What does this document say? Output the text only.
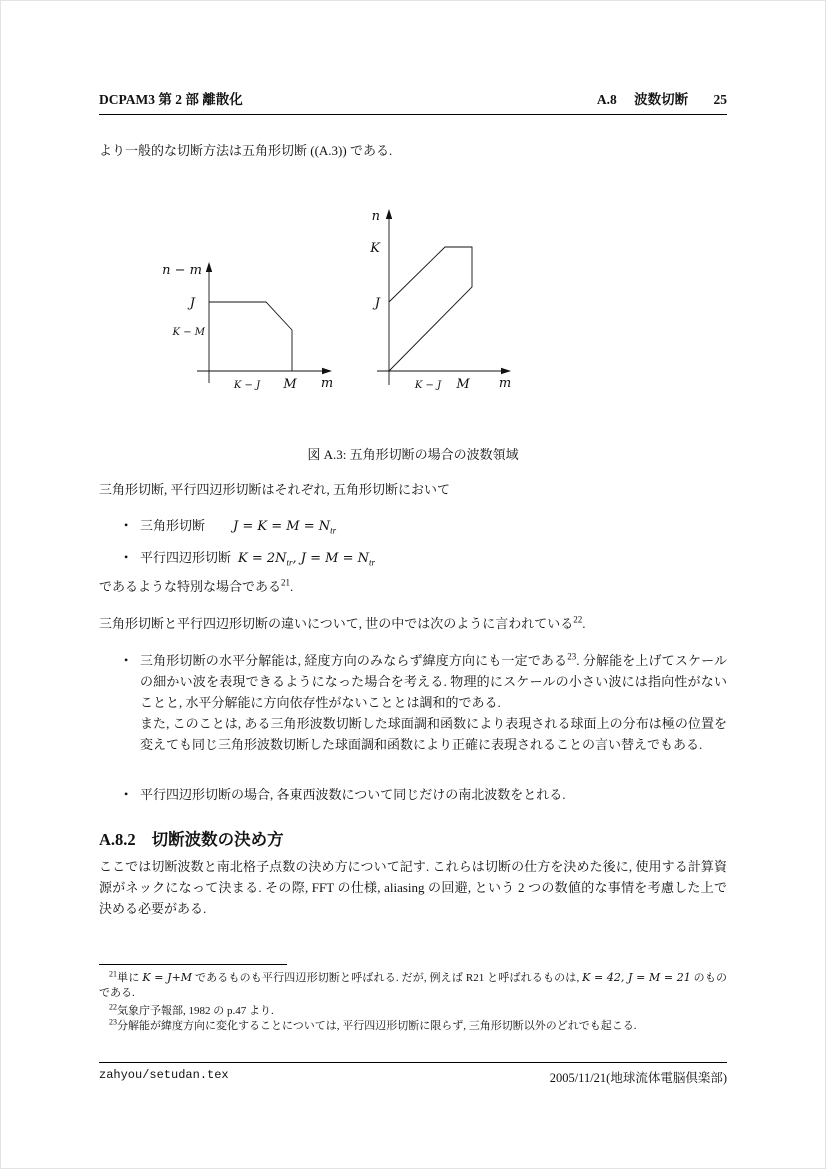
DCPAM3 第 2 部 離散化	A.8 波数切断 25

より一般的な切断方法は五角形切断 ((A.3)) である.

n − m
J
K − M
K − J M m
n
K
J
K − J M m

図 A.3: 五角形切断の場合の波数領域

三角形切断, 平行四辺形切断はそれぞれ, 五角形切断において

• 三角形切断 $J = K = M = N_{tr}$
• 平行四辺形切断 $K = 2N_{tr}$, $J = M = N_{tr}$

であるような特別な場合である$^{21}$.

三角形切断と平行四辺形切断の違いについて, 世の中では次のように言われている$^{22}$.

• 三角形切断の水平分解能は, 経度方向のみならず緯度方向にも一定である$^{23}$. 分解能を上げてスケールの細かい波を表現できるようになった場合を考える. 物理的にスケールの小さい波には指向性がないことと, 水平分解能に方向依存性がないこととは調和的である.
また, このことは, ある三角形波数切断した球面調和函数により表現される球面上の分布は極の位置を変えても同じ三角形波数切断した球面調和函数により正確に表現されることの言い替えでもある.
• 平行四辺形切断の場合, 各東西波数について同じだけの南北波数をとれる.
A.8.2 切断波数の決め方

ここでは切断波数と南北格子点数の決め方について記す. これらは切断の仕方を決めた後に, 使用する計算資源がネックになって決まる. その際, FFT の仕様, aliasing の回避, という 2 つの数値的な事情を考慮した上で決める必要がある.

$^{21}$単に K = J+M であるものも平行四辺形切断と呼ばれる. だが, 例えば R21 と呼ばれるものは, K = 42, J = M = 21 のものである.

$^{22}$気象庁予報部, 1982 の p.47 より.

$^{23}$分解能が緯度方向に変化することについては, 平行四辺形切断に限らず, 三角形切断以外のどれでも起こる.

zahyou/setudan.tex	2005/11/21(地球流体電脳倶楽部)
